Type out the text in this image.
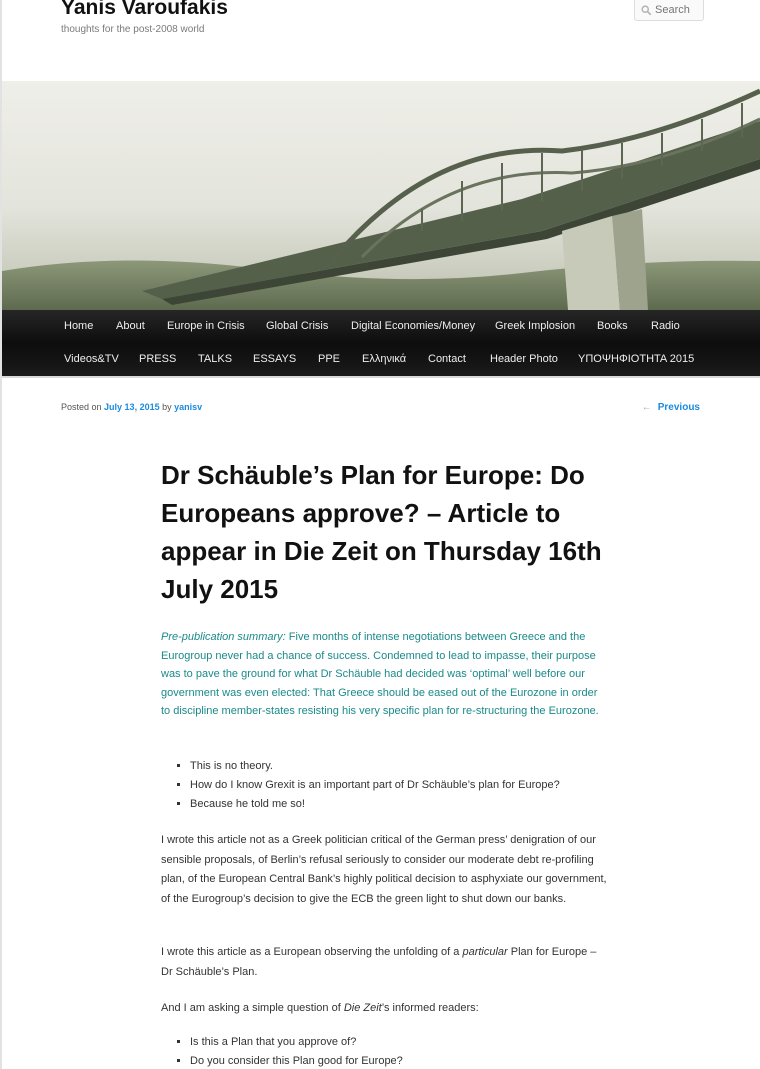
Yanis Varoufakis
thoughts for the post-2008 world
Search
Home About Europe in Crisis Global Crisis Digital Economies/Money Greek Implosion Books Radio
Videos&TV PRESS TALKS ESSAYS PPE Ελληνικά Contact Header Photo ΥΠΟΨΗΦΙΟΤΗΤΑ 2015
Posted on July 13, 2015 by yanisv	← Previous
Dr Schäuble’s Plan for Europe: Do Europeans approve? – Article to appear in Die Zeit on Thursday 16th July 2015
Pre-publication summary: Five months of intense negotiations between Greece and the Eurogroup never had a chance of success. Condemned to lead to impasse, their purpose was to pave the ground for what Dr Schäuble had decided was ‘optimal’ well before our government was even elected: That Greece should be eased out of the Eurozone in order to discipline member-states resisting his very specific plan for re-structuring the Eurozone.
▪ This is no theory.
▪ How do I know Grexit is an important part of Dr Schäuble’s plan for Europe?
▪ Because he told me so!
I wrote this article not as a Greek politician critical of the German press’ denigration of our sensible proposals, of Berlin’s refusal seriously to consider our moderate debt re-profiling plan, of the European Central Bank’s highly political decision to asphyxiate our government, of the Eurogroup’s decision to give the ECB the green light to shut down our banks.
I wrote this article as a European observing the unfolding of a particular Plan for Europe – Dr Schäuble’s Plan.
And I am asking a simple question of Die Zeit’s informed readers:
▪ Is this a Plan that you approve of?
▪ Do you consider this Plan good for Europe?
